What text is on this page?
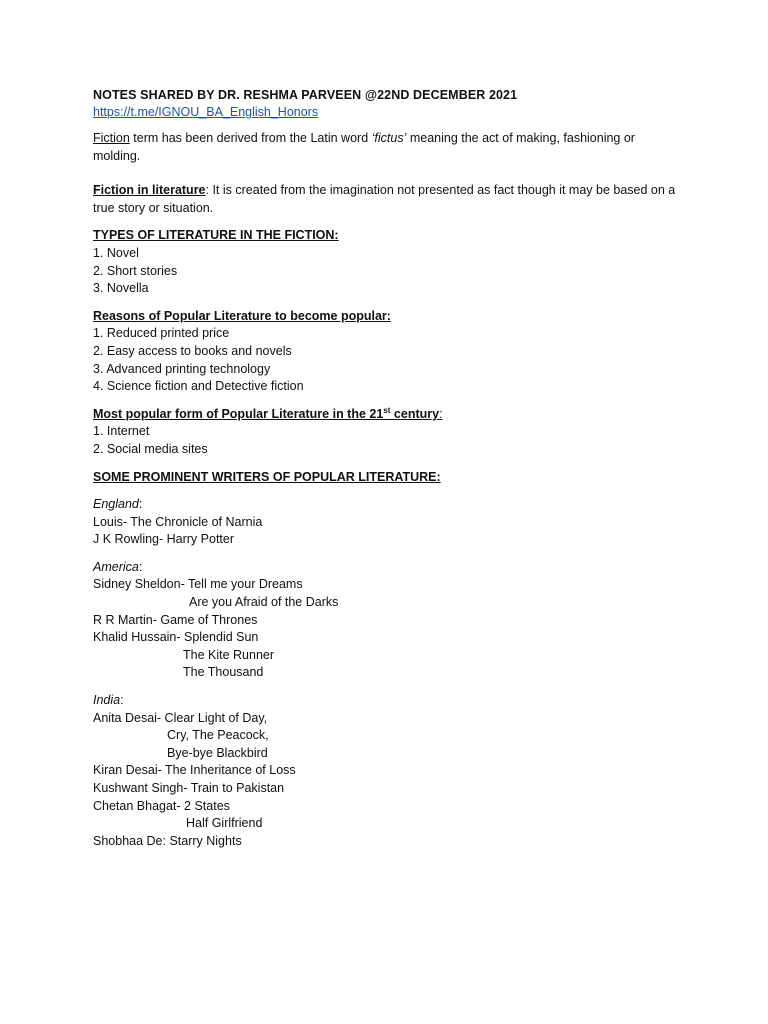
NOTES SHARED BY DR. RESHMA PARVEEN @22ND DECEMBER 2021

https://t.me/IGNOU_BA_English_Honors

Fiction term has been derived from the Latin word ‘fictus’ meaning the act of making, fashioning or molding.

Fiction in literature: It is created from the imagination not presented as fact though it may be based on a true story or situation.

TYPES OF LITERATURE IN THE FICTION:

1. Novel

2. Short stories

3. Novella

Reasons of Popular Literature to become popular:

1. Reduced printed price

2. Easy access to books and novels

3. Advanced printing technology

4. Science fiction and Detective fiction

Most popular form of Popular Literature in the 21st century:

1. Internet

2. Social media sites

SOME PROMINENT WRITERS OF POPULAR LITERATURE:

England:

Louis- The Chronicle of Narnia

J K Rowling- Harry Potter

America:

Sidney Sheldon- Tell me your Dreams

Are you Afraid of the Darks

R R Martin- Game of Thrones

Khalid Hussain- Splendid Sun

The Kite Runner

The Thousand

India:

Anita Desai- Clear Light of Day,

Cry, The Peacock,

Bye-bye Blackbird

Kiran Desai- The Inheritance of Loss

Kushwant Singh- Train to Pakistan

Chetan Bhagat- 2 States

Half Girlfriend

Shobhaa De: Starry Nights
